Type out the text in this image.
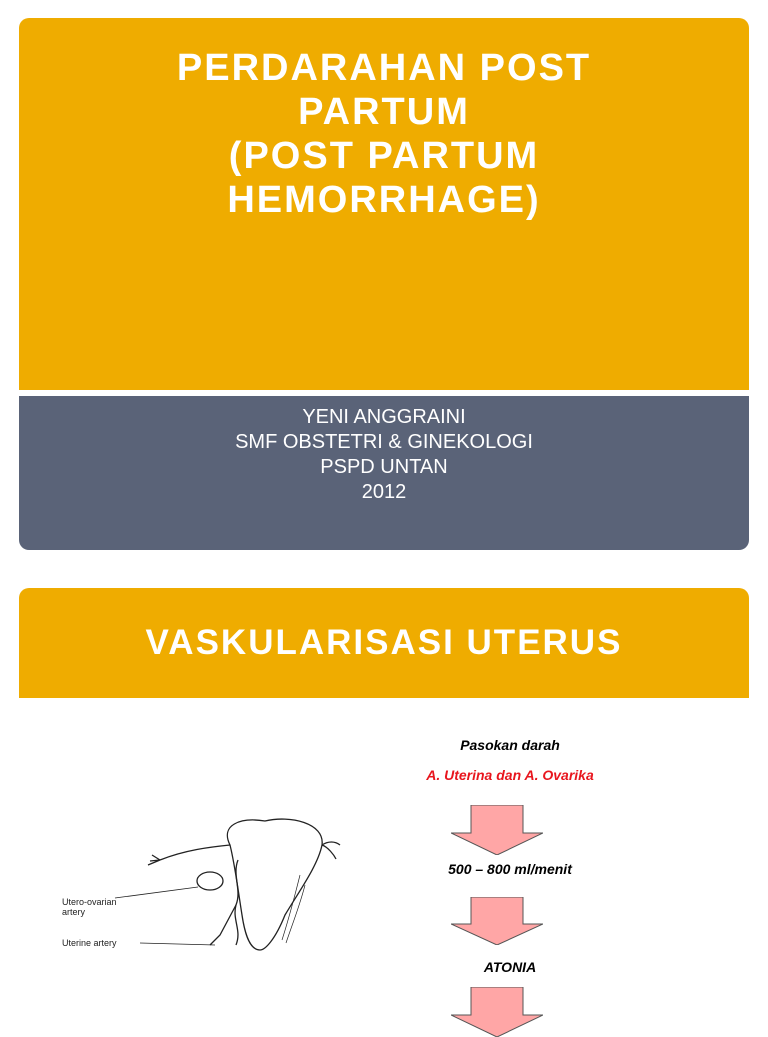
PERDARAHAN POST
PARTUM
(POST PARTUM
HEMORRHAGE)
YENI ANGGRAINI
SMF OBSTETRI & GINEKOLOGI
PSPD UNTAN
2012
VASKULARISASI UTERUS
Utero-ovarian
artery
Uterine artery
Pasokan darah
A. Uterina dan A. Ovarika
500 – 800 ml/menit
ATONIA
